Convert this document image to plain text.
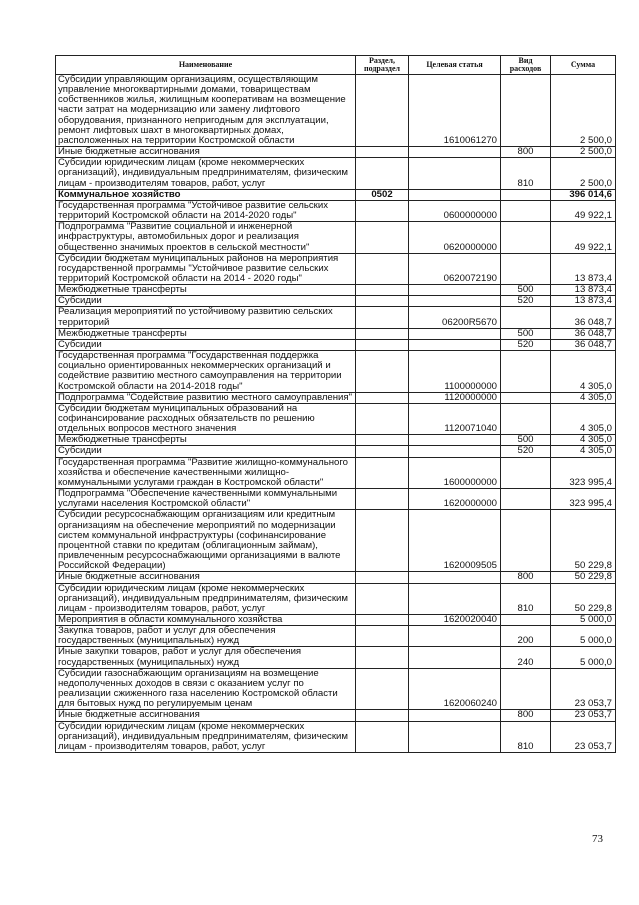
Наименование	Раздел, подраздел	Целевая статья	Вид расходов	Сумма
Субсидии управляющим организациям, осуществляющим управление многоквартирными домами, товариществам собственников жилья, жилищным кооперативам на возмещение части затрат на модернизацию или замену лифтового оборудования, признанного непригодным для эксплуатации, ремонт лифтовых шахт в многоквартирных домах, расположенных на территории Костромской области		1610061270		2 500,0
Иные бюджетные ассигнования			800	2 500,0
Субсидии юридическим лицам (кроме некоммерческих организаций), индивидуальным предпринимателям, физическим лицам - производителям товаров, работ, услуг			810	2 500,0
Коммунальное хозяйство	0502			396 014,6
Государственная программа "Устойчивое развитие сельских территорий Костромской области на 2014-2020 годы"		0600000000		49 922,1
Подпрограмма "Развитие социальной и инженерной инфраструктуры, автомобильных дорог и реализация общественно значимых проектов в сельской местности"		0620000000		49 922,1
Субсидии бюджетам муниципальных районов на мероприятия государственной программы "Устойчивое развитие сельских территорий Костромской области на 2014 - 2020 годы"		0620072190		13 873,4
Межбюджетные трансферты			500	13 873,4
Субсидии			520	13 873,4
Реализация мероприятий по устойчивому развитию сельских территорий		06200R5670		36 048,7
Межбюджетные трансферты			500	36 048,7
Субсидии			520	36 048,7
Государственная программа "Государственная поддержка социально ориентированных некоммерческих организаций и содействие развитию местного самоуправления на территории Костромской области на 2014-2018 годы"		1100000000		4 305,0
Подпрограмма "Содействие развитию местного самоуправления"		1120000000		4 305,0
Субсидии бюджетам муниципальных образований на софинансирование расходных обязательств по решению отдельных вопросов местного значения		1120071040		4 305,0
Межбюджетные трансферты			500	4 305,0
Субсидии			520	4 305,0
Государственная программа "Развитие жилищно-коммунального хозяйства и обеспечение качественными жилищно-коммунальными услугами граждан в Костромской области"		1600000000		323 995,4
Подпрограмма "Обеспечение качественными коммунальными услугами населения Костромской области"		1620000000		323 995,4
Субсидии ресурсоснабжающим организациям или кредитным организациям на обеспечение мероприятий по модернизации систем коммунальной инфраструктуры (софинансирование процентной ставки по кредитам (облигационным займам), привлеченным ресурсоснабжающими организациями в валюте Российской Федерации)		1620009505		50 229,8
Иные бюджетные ассигнования			800	50 229,8
Субсидии юридическим лицам (кроме некоммерческих организаций), индивидуальным предпринимателям, физическим лицам - производителям товаров, работ, услуг			810	50 229,8
Мероприятия в области коммунального хозяйства		1620020040		5 000,0
Закупка товаров, работ и услуг для обеспечения государственных (муниципальных) нужд			200	5 000,0
Иные закупки товаров, работ и услуг для обеспечения государственных (муниципальных) нужд			240	5 000,0
Субсидии газоснабжающим организациям на возмещение недополученных доходов в связи с оказанием услуг по реализации сжиженного газа населению Костромской области для бытовых нужд по регулируемым ценам		1620060240		23 053,7
Иные бюджетные ассигнования			800	23 053,7
Субсидии юридическим лицам (кроме некоммерческих организаций), индивидуальным предпринимателям, физическим лицам - производителям товаров, работ, услуг			810	23 053,7
73
